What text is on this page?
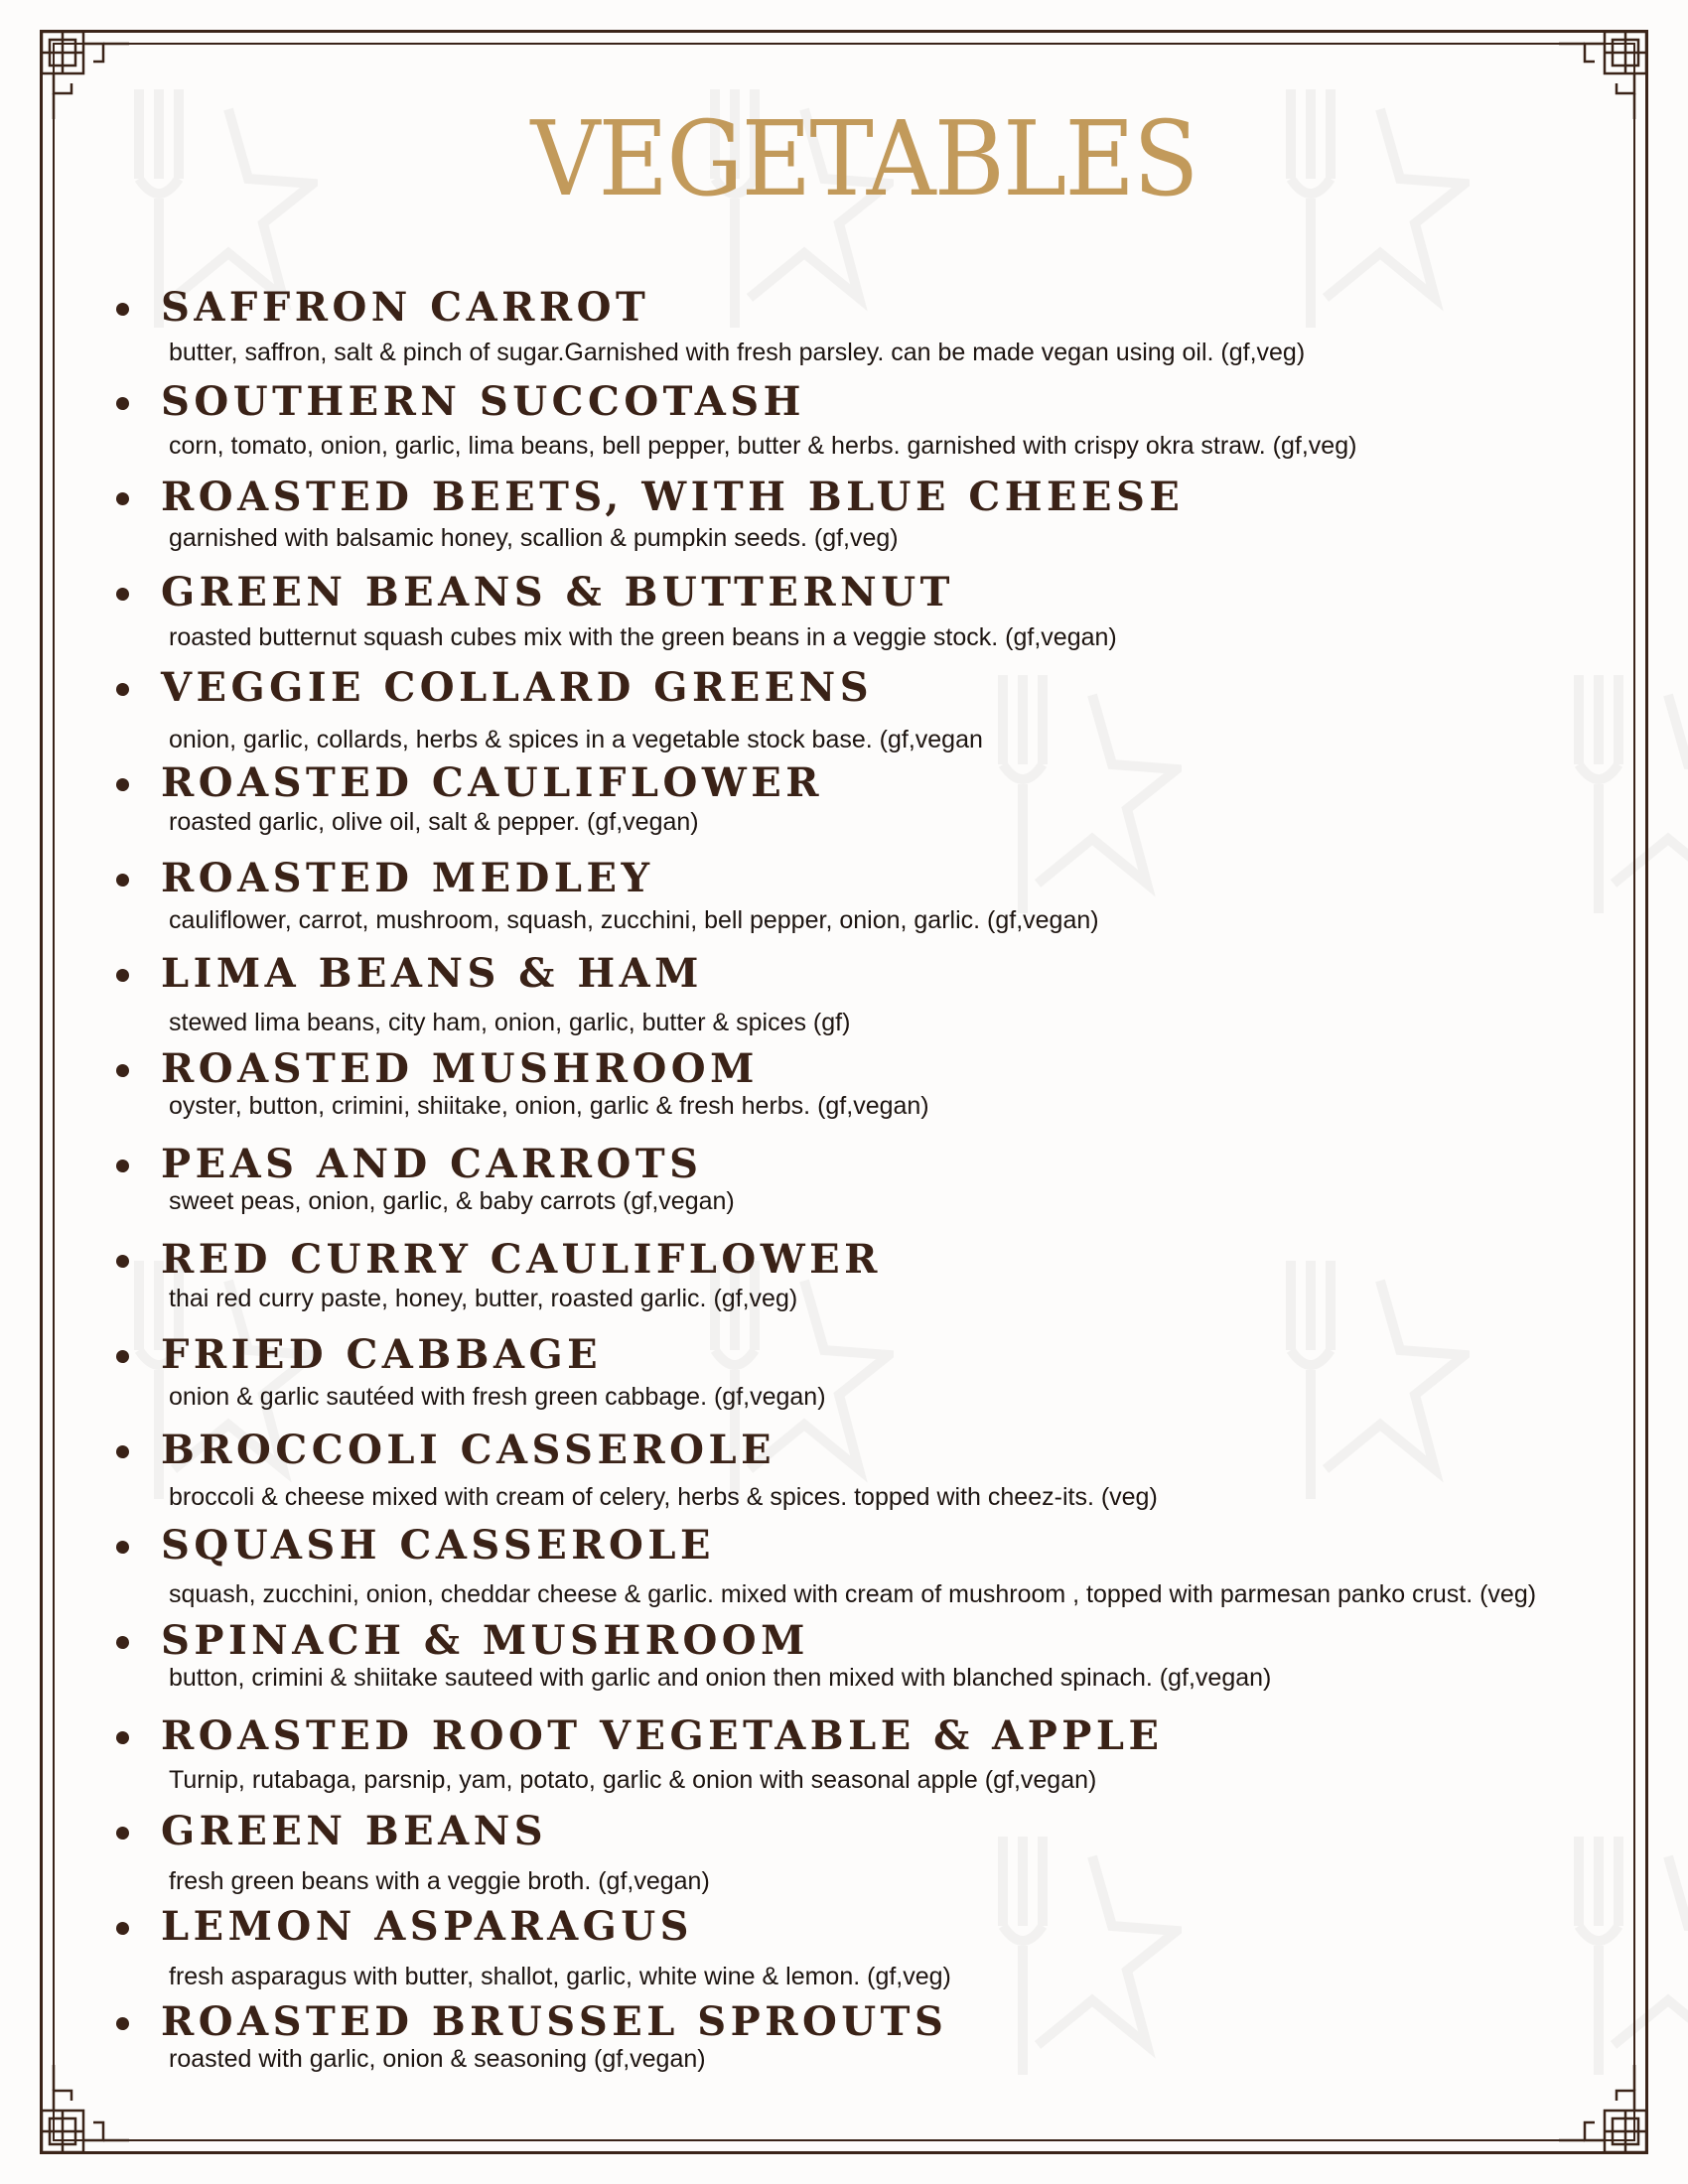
VEGETABLES
SAFFRON CARROT
butter, saffron, salt & pinch of sugar.Garnished with fresh parsley. can be made vegan using oil. (gf,veg)
SOUTHERN SUCCOTASH
corn, tomato, onion, garlic, lima beans, bell pepper, butter & herbs. garnished with crispy okra straw. (gf,veg)
ROASTED BEETS, WITH BLUE CHEESE
garnished with balsamic honey, scallion & pumpkin seeds. (gf,veg)
GREEN BEANS & BUTTERNUT
roasted butternut squash cubes mix with the green beans in a veggie stock. (gf,vegan)
VEGGIE COLLARD GREENS
onion, garlic, collards, herbs & spices in a vegetable stock base. (gf,vegan
ROASTED CAULIFLOWER
roasted garlic, olive oil, salt & pepper. (gf,vegan)
ROASTED MEDLEY
cauliflower, carrot, mushroom, squash, zucchini, bell pepper, onion, garlic. (gf,vegan)
LIMA BEANS & HAM
stewed lima beans, city ham, onion, garlic, butter & spices (gf)
ROASTED MUSHROOM
oyster, button, crimini, shiitake, onion, garlic & fresh herbs. (gf,vegan)
PEAS AND CARROTS
sweet peas, onion, garlic, & baby carrots (gf,vegan)
RED CURRY CAULIFLOWER
thai red curry paste, honey, butter, roasted garlic. (gf,veg)
FRIED CABBAGE
onion & garlic sautéed with fresh green cabbage. (gf,vegan)
BROCCOLI CASSEROLE
broccoli & cheese mixed with cream of celery, herbs & spices. topped with cheez-its. (veg)
SQUASH CASSEROLE
squash, zucchini, onion, cheddar cheese & garlic. mixed with cream of mushroom , topped with parmesan panko crust. (veg)
SPINACH & MUSHROOM
button, crimini & shiitake sauteed with garlic and onion then mixed with blanched spinach. (gf,vegan)
ROASTED ROOT VEGETABLE & APPLE
Turnip, rutabaga, parsnip, yam, potato, garlic & onion with seasonal apple (gf,vegan)
GREEN BEANS
fresh green beans with a veggie broth. (gf,vegan)
LEMON ASPARAGUS
fresh asparagus with butter, shallot, garlic, white wine & lemon. (gf,veg)
ROASTED BRUSSEL SPROUTS
roasted with garlic, onion & seasoning (gf,vegan)
